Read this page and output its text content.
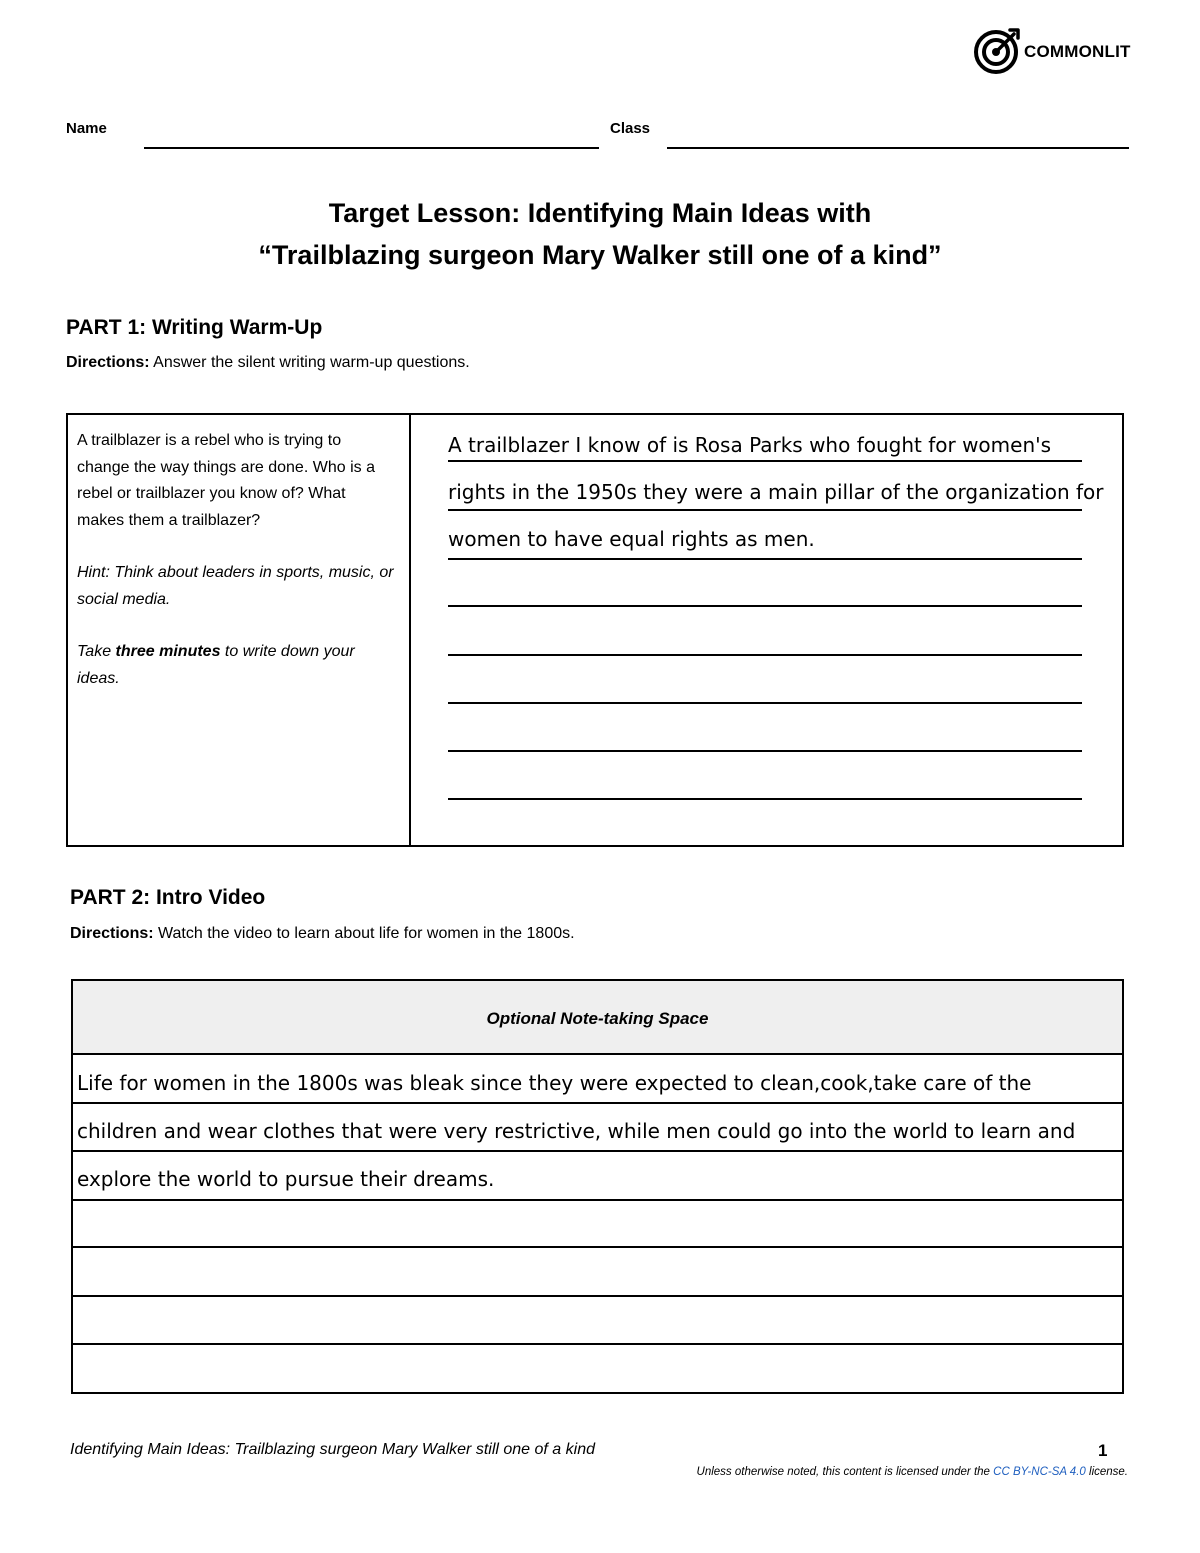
COMMONLIT
Name	Class
Target Lesson: Identifying Main Ideas with
“Trailblazing surgeon Mary Walker still one of a kind”
PART 1: Writing Warm-Up
Directions: Answer the silent writing warm-up questions.

A trailblazer is a rebel who is trying to change the way things are done. Who is a rebel or trailblazer you know of? What makes them a trailblazer?

Hint: Think about leaders in sports, music, or social media.

Take three minutes to write down your ideas.

A trailblazer I know of is Rosa Parks who fought for women's
rights in the 1950s they were a main pillar of the organization for
women to have equal rights as men.
PART 2: Intro Video
Directions: Watch the video to learn about life for women in the 1800s.
Optional Note-taking Space
Life for women in the 1800s was bleak since they were expected to clean,cook,take care of the
children and wear clothes that were very restrictive, while men could go into the world to learn and
explore the world to pursue their dreams.
Identifying Main Ideas: Trailblazing surgeon Mary Walker still one of a kind	1
Unless otherwise noted, this content is licensed under the CC BY-NC-SA 4.0 license.
